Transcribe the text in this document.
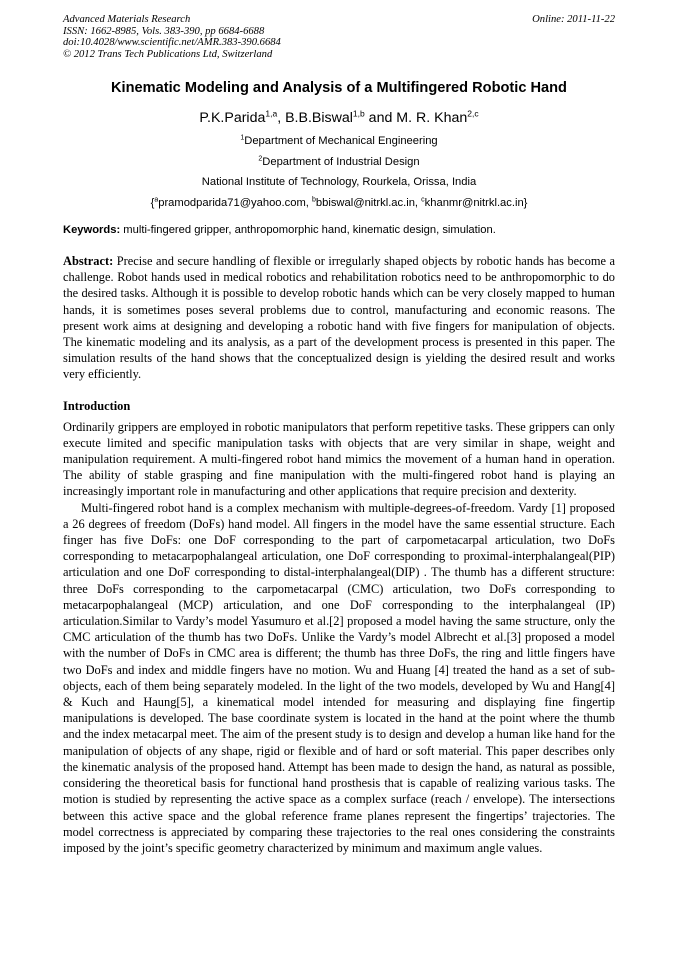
Advanced Materials Research
ISSN: 1662-8985, Vols. 383-390, pp 6684-6688
doi:10.4028/www.scientific.net/AMR.383-390.6684
© 2012 Trans Tech Publications Ltd, Switzerland
Online: 2011-11-22
Kinematic Modeling and Analysis of a Multifingered Robotic Hand
P.K.Parida$^{1,a}$, B.B.Biswal$^{1,b}$ and M. R. Khan$^{2,c}$
$^1$Department of Mechanical Engineering
$^2$Department of Industrial Design
National Institute of Technology, Rourkela, Orissa, India
{$^a$pramodparida71@yahoo.com, $^b$bbiswal@nitrkl.ac.in, $^c$khanmr@nitrkl.ac.in}
Keywords: multi-fingered gripper, anthropomorphic hand, kinematic design, simulation.
Abstract: Precise and secure handling of flexible or irregularly shaped objects by robotic hands has become a challenge. Robot hands used in medical robotics and rehabilitation robotics need to be anthropomorphic to do the desired tasks. Although it is possible to develop robotic hands which can be very closely mapped to human hands, it is sometimes poses several problems due to control, manufacturing and economic reasons. The present work aims at designing and developing a robotic hand with five fingers for manipulation of objects. The kinematic modeling and its analysis, as a part of the development process is presented in this paper. The simulation results of the hand shows that the conceptualized design is yielding the desired result and works very efficiently.
Introduction
Ordinarily grippers are employed in robotic manipulators that perform repetitive tasks. These grippers can only execute limited and specific manipulation tasks with objects that are very similar in shape, weight and manipulation requirement. A multi-fingered robot hand mimics the movement of a human hand in operation. The ability of stable grasping and fine manipulation with the multi-fingered robot hand is playing an increasingly important role in manufacturing and other applications that require precision and dexterity.
Multi-fingered robot hand is a complex mechanism with multiple-degrees-of-freedom. Vardy [1] proposed a 26 degrees of freedom (DoFs) hand model. All fingers in the model have the same essential structure. Each finger has five DoFs: one DoF corresponding to the part of carpometacarpal articulation, two DoFs corresponding to metacarpophalangeal articulation, one DoF corresponding to proximal-interphalangeal(PIP) articulation and one DoF corresponding to distal-interphalangeal(DIP) . The thumb has a different structure: three DoFs corresponding to the carpometacarpal (CMC) articulation, two DoFs corresponding to metacarpophalangeal (MCP) articulation, and one DoF corresponding to the interphalangeal (IP) articulation.Similar to Vardy’s model Yasumuro et al.[2] proposed a model having the same structure, only the CMC articulation of the thumb has two DoFs. Unlike the Vardy’s model Albrecht et al.[3] proposed a model with the number of DoFs in CMC area is different; the thumb has three DoFs, the ring and little fingers have two DoFs and index and middle fingers have no motion. Wu and Huang [4] treated the hand as a set of sub-objects, each of them being separately modeled. In the light of the two models, developed by Wu and Hang[4] & Kuch and Haung[5], a kinematical model intended for measuring and displaying fine fingertip manipulations is developed. The base coordinate system is located in the hand at the point where the thumb and the index metacarpal meet. The aim of the present study is to design and develop a human like hand for the manipulation of objects of any shape, rigid or flexible and of hard or soft material. This paper describes only the kinematic analysis of the proposed hand. Attempt has been made to design the hand, as natural as possible, considering the theoretical basis for functional hand prosthesis that is capable of realizing various tasks. The motion is studied by representing the active space as a complex surface (reach / envelope). The intersections between this active space and the global reference frame planes represent the fingertips’ trajectories. The model correctness is appreciated by comparing these trajectories to the real ones considering the constraints imposed by the joint’s specific geometry characterized by minimum and maximum angle values.
